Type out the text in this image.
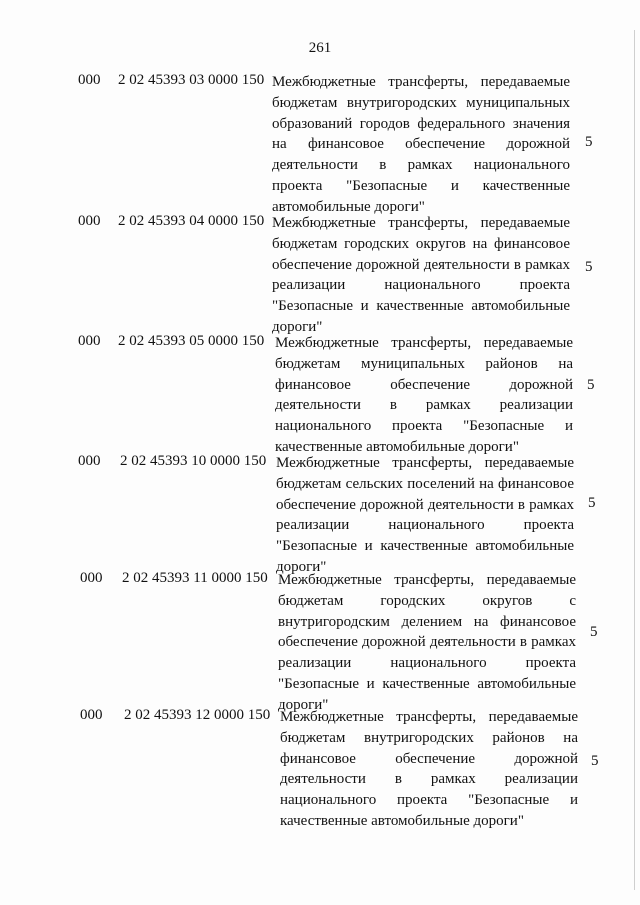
261
000 2 02 45393 03 0000 150 Межбюджетные трансферты, передаваемые бюджетам внутригородских муниципальных образований городов федерального значения на финансовое обеспечение дорожной деятельности в рамках национального проекта "Безопасные и качественные автомобильные дороги"
5
000 2 02 45393 04 0000 150 Межбюджетные трансферты, передаваемые бюджетам городских округов на финансовое обеспечение дорожной деятельности в рамках реализации национального проекта "Безопасные и качественные автомобильные дороги"
5
000 2 02 45393 05 0000 150 Межбюджетные трансферты, передаваемые бюджетам муниципальных районов на финансовое обеспечение дорожной деятельности в рамках реализации национального проекта "Безопасные и качественные автомобильные дороги"
5
000 2 02 45393 10 0000 150 Межбюджетные трансферты, передаваемые бюджетам сельских поселений на финансовое обеспечение дорожной деятельности в рамках реализации национального проекта "Безопасные и качественные автомобильные дороги"
5
000 2 02 45393 11 0000 150 Межбюджетные трансферты, передаваемые бюджетам городских округов с внутригородским делением на финансовое обеспечение дорожной деятельности в рамках реализации национального проекта "Безопасные и качественные автомобильные дороги"
5
000 2 02 45393 12 0000 150 Межбюджетные трансферты, передаваемые бюджетам внутригородских районов на финансовое обеспечение дорожной деятельности в рамках реализации национального проекта "Безопасные и качественные автомобильные дороги"
5
